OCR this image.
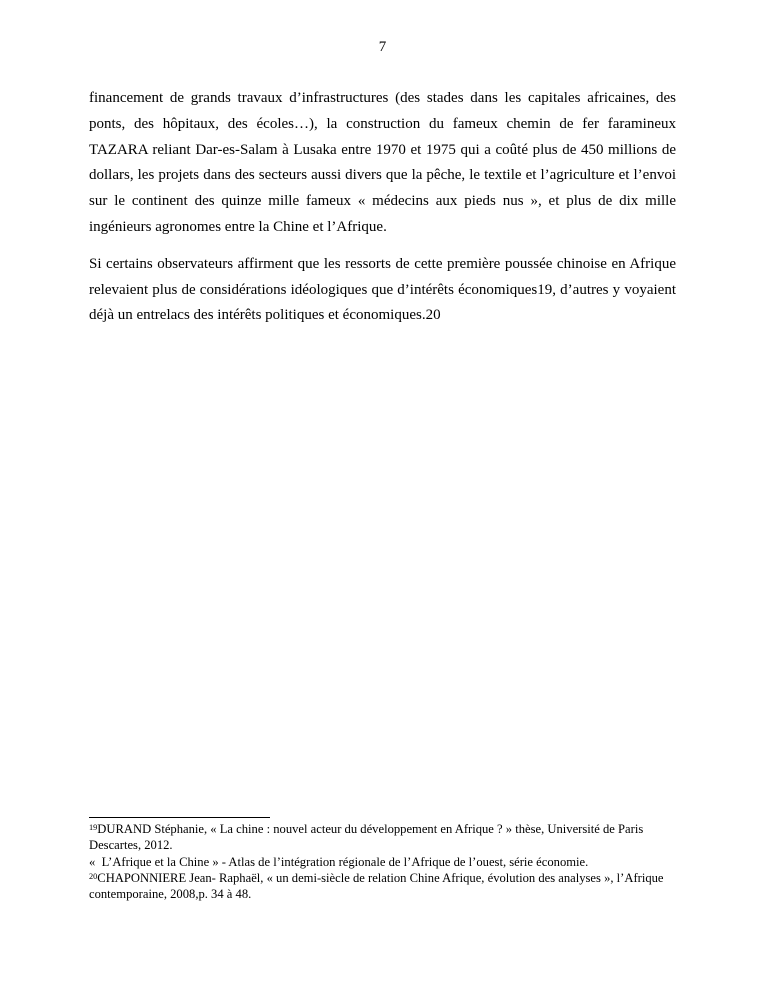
7
financement de grands travaux d’infrastructures (des stades dans les capitales africaines, des
ponts, des hôpitaux, des écoles…), la construction du fameux chemin de fer faramineux
TAZARA reliant Dar-es-Salam à Lusaka entre 1970 et 1975 qui a coûté plus de 450 millions de
dollars, les projets dans des secteurs aussi divers que la pêche, le textile et l’agriculture et l’envoi
sur le continent des quinze mille fameux « médecins aux pieds nus », et plus de dix mille
ingénieurs agronomes entre la Chine et l’Afrique.
Si certains observateurs affirment que les ressorts de cette première poussée chinoise en Afrique
relevaient plus de considérations idéologiques que d’intérêts économiques19, d’autres y voyaient
déjà un entrelacs des intérêts politiques et économiques.20
$^{19}$DURAND Stéphanie, « La chine : nouvel acteur du développement en Afrique ? » thèse, Université de Paris
Descartes, 2012.
«  L’Afrique et la Chine » - Atlas de l’intégration régionale de l’Afrique de l’ouest, série économie.
$^{20}$CHAPONNIERE Jean- Raphaël, « un demi-siècle de relation Chine Afrique, évolution des analyses », l’Afrique
contemporaine, 2008,p. 34 à 48.
